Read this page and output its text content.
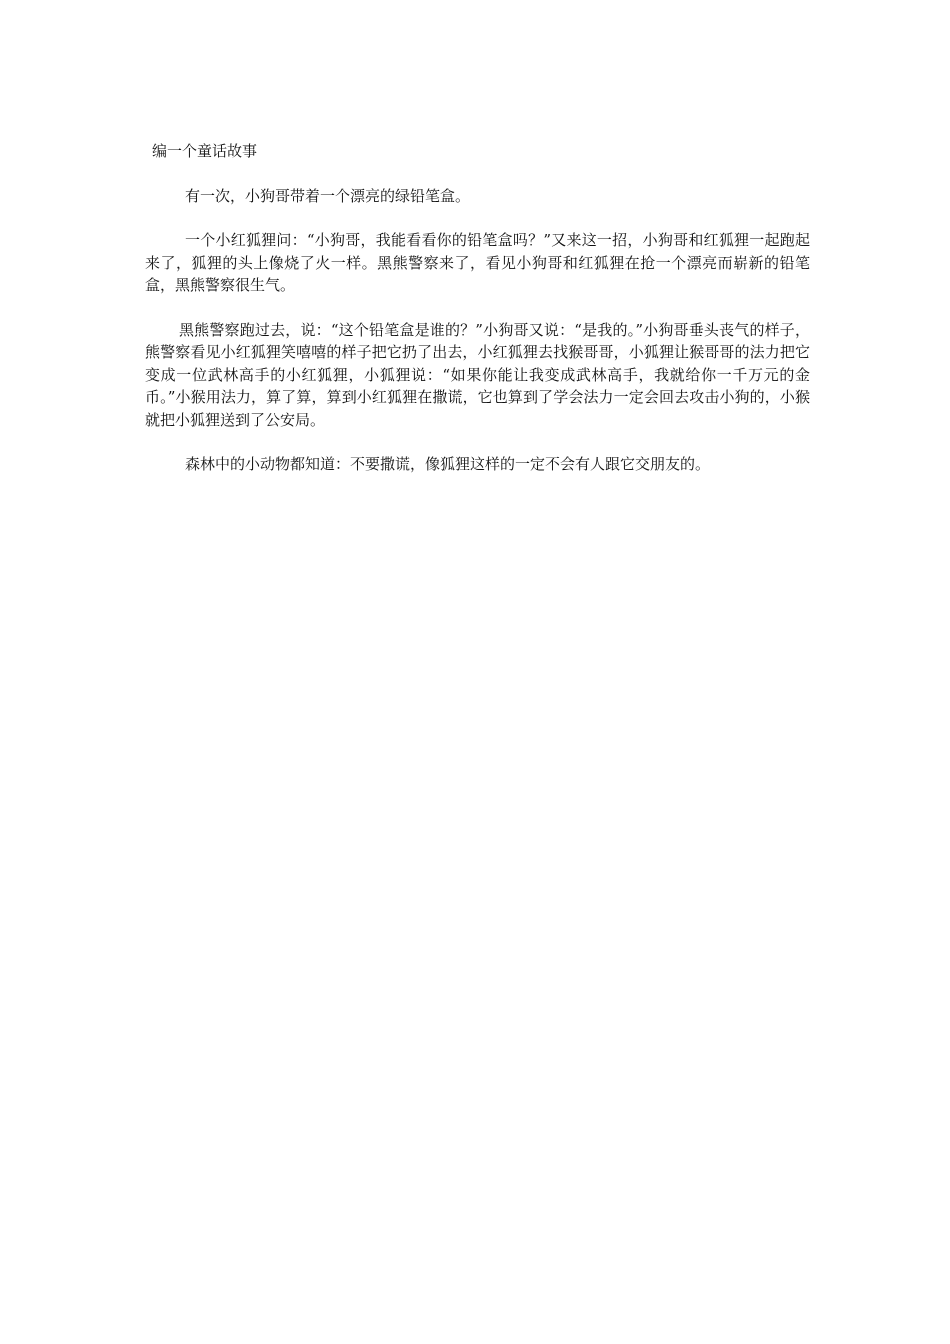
编一个童话故事

有一次，小狗哥带着一个漂亮的绿铅笔盒。

一个小红狐狸问：“小狗哥，我能看看你的铅笔盒吗？”又来这一招，小狗哥和红狐狸一起跑起来了，狐狸的头上像烧了火一样。黑熊警察来了，看见小狗哥和红狐狸在抢一个漂亮而崭新的铅笔盒，黑熊警察很生气。

黑熊警察跑过去，说：“这个铅笔盒是谁的？”小狗哥又说：“是我的。”小狗哥垂头丧气的样子，熊警察看见小红狐狸笑嘻嘻的样子把它扔了出去，小红狐狸去找猴哥哥，小狐狸让猴哥哥的法力把它变成一位武林高手的小红狐狸，小狐狸说：“如果你能让我变成武林高手，我就给你一千万元的金币。”小猴用法力，算了算，算到小红狐狸在撒谎，它也算到了学会法力一定会回去攻击小狗的，小猴就把小狐狸送到了公安局。

森林中的小动物都知道：不要撒谎，像狐狸这样的一定不会有人跟它交朋友的。
